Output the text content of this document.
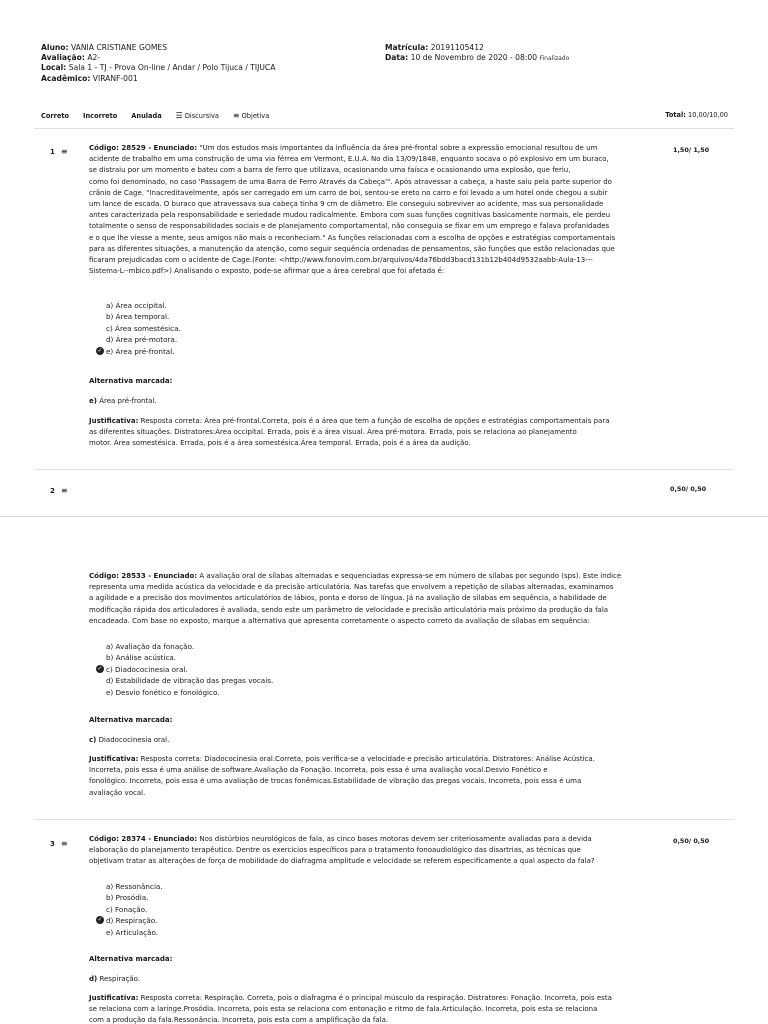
Aluno: VANIA CRISTIANE GOMES
Avaliação: A2-
Local: Sala 1 - TJ - Prova On-line / Andar / Polo Tijuca / TIJUCA
Acadêmico: VIRANF-001
Matrícula: 20191105412
Data: 10 de Novembro de 2020 - 08:00 Finalizado
Correto Incorreto Anulada ☰ Discursiva ≡ Objetiva	Total: 10,00/10,00
1 ≡	1,50/ 1,50
Código: 28529 - Enunciado: "Um dos estudos mais importantes da influência da área pré-frontal sobre a expressão emocional resultou de um
acidente de trabalho em uma construção de uma via férrea em Vermont, E.U.A. No dia 13/09/1848, enquanto socava o pó explosivo em um buraco,
se distraiu por um momento e bateu com a barra de ferro que utilizava, ocasionando uma faísca e ocasionando uma explosão, que feriu,
como foi denominado, no caso 'Passagem de uma Barra de Ferro Através da Cabeça'". Após atravessar a cabeça, a haste saiu pela parte superior do
crânio de Cage. "Inacreditavelmente, após ser carregado em um carro de boi, sentou-se ereto no carro e foi levado a um hotel onde chegou a subir
um lance de escada. O buraco que atravessava sua cabeça tinha 9 cm de diâmetro. Ele conseguiu sobreviver ao acidente, mas sua personalidade
antes caracterizada pela responsabilidade e seriedade mudou radicalmente. Embora com suas funções cognitivas basicamente normais, ele perdeu
totalmente o senso de responsabilidades sociais e de planejamento comportamental, não conseguia se fixar em um emprego e falava profanidades
e o que lhe viesse a mente, seus amigos não mais o reconheciam." As funções relacionadas com a escolha de opções e estratégias comportamentais
para as diferentes situações, a manutenção da atenção, como seguir sequência ordenadas de pensamentos, são funções que estão relacionadas que
ficaram prejudicadas com o acidente de Cage.(Fonte: <http://www.fonovim.com.br/arquivos/4da76bdd3bacd131b12b404d9532aabb-Aula-13---
Sistema-L--mbico.pdf>) Analisando o exposto, pode-se afirmar que a área cerebral que foi afetada é:
a) Área occipital.
b) Área temporal.
c) Área somestésica.
d) Área pré-motora.
✓ e) Área pré-frontal.
Alternativa marcada:
e) Área pré-frontal.
Justificativa: Resposta correta: Área pré-frontal.Correta, pois é a área que tem a função de escolha de opções e estratégias comportamentais para
as diferentes situações. Distratores:Área occipital. Errada, pois é a área visual. Área pré-motora. Errada, pois se relaciona ao planejamento
motor. Área somestésica. Errada, pois é a área somestésica.Área temporal. Errada, pois é a área da audição.
2 ≡	0,50/ 0,50
Código: 28533 - Enunciado: A avaliação oral de sílabas alternadas e sequenciadas expressa-se em número de sílabas por segundo (sps). Este índice
representa uma medida acústica da velocidade e da precisão articulatória. Nas tarefas que envolvem a repetição de sílabas alternadas, examinamos
a agilidade e a precisão dos movimentos articulatórios de lábios, ponta e dorso de língua. Já na avaliação de sílabas em sequência, a habilidade de
modificação rápida dos articuladores é avaliada, sendo este um parâmetro de velocidade e precisão articulatória mais próximo da produção da fala
encadeada. Com base no exposto, marque a alternativa que apresenta corretamente o aspecto correto da avaliação de sílabas em sequência:
a) Avaliação da fonação.
b) Análise acústica.
✓ c) Diadococinesia oral.
d) Estabilidade de vibração das pregas vocais.
e) Desvio fonético e fonológico.
Alternativa marcada:
c) Diadococinesia oral.
Justificativa: Resposta correta: Diadococinesia oral.Correta, pois verifica-se a velocidade e precisão articulatória. Distratores: Análise Acústica.
Incorreta, pois essa é uma análise de software.Avaliação da Fonação. Incorreta, pois essa é uma avaliação vocal.Desvio Fonético e
fonológico. Incorreta, pois essa é uma avaliação de trocas fonêmicas.Estabilidade de vibração das pregas vocais. Incorreta, pois essa é uma
avaliação vocal.
3 ≡	0,50/ 0,50
Código: 28374 - Enunciado: Nos distúrbios neurológicos de fala, as cinco bases motoras devem ser criteriosamente avaliadas para a devida
elaboração do planejamento terapêutico. Dentre os exercícios específicos para o tratamento fonoaudiológico das disartrias, as técnicas que
objetivam tratar as alterações de força de mobilidade do diafragma amplitude e velocidade se referem especificamente a qual aspecto da fala?
a) Ressonância.
b) Prosódia.
c) Fonação.
✓ d) Respiração.
e) Articulação.
Alternativa marcada:
d) Respiração.
Justificativa: Resposta correta: Respiração. Correta, pois o diafragma é o principal músculo da respiração. Distratores: Fonação. Incorreta, pois esta
se relaciona com a laringe.Prosódia. Incorreta, pois esta se relaciona com entonação e ritmo de fala.Articulação. Incorreta, pois esta se relaciona
com a produção da fala.Ressonância. Incorreta, pois esta com a amplificação da fala.
